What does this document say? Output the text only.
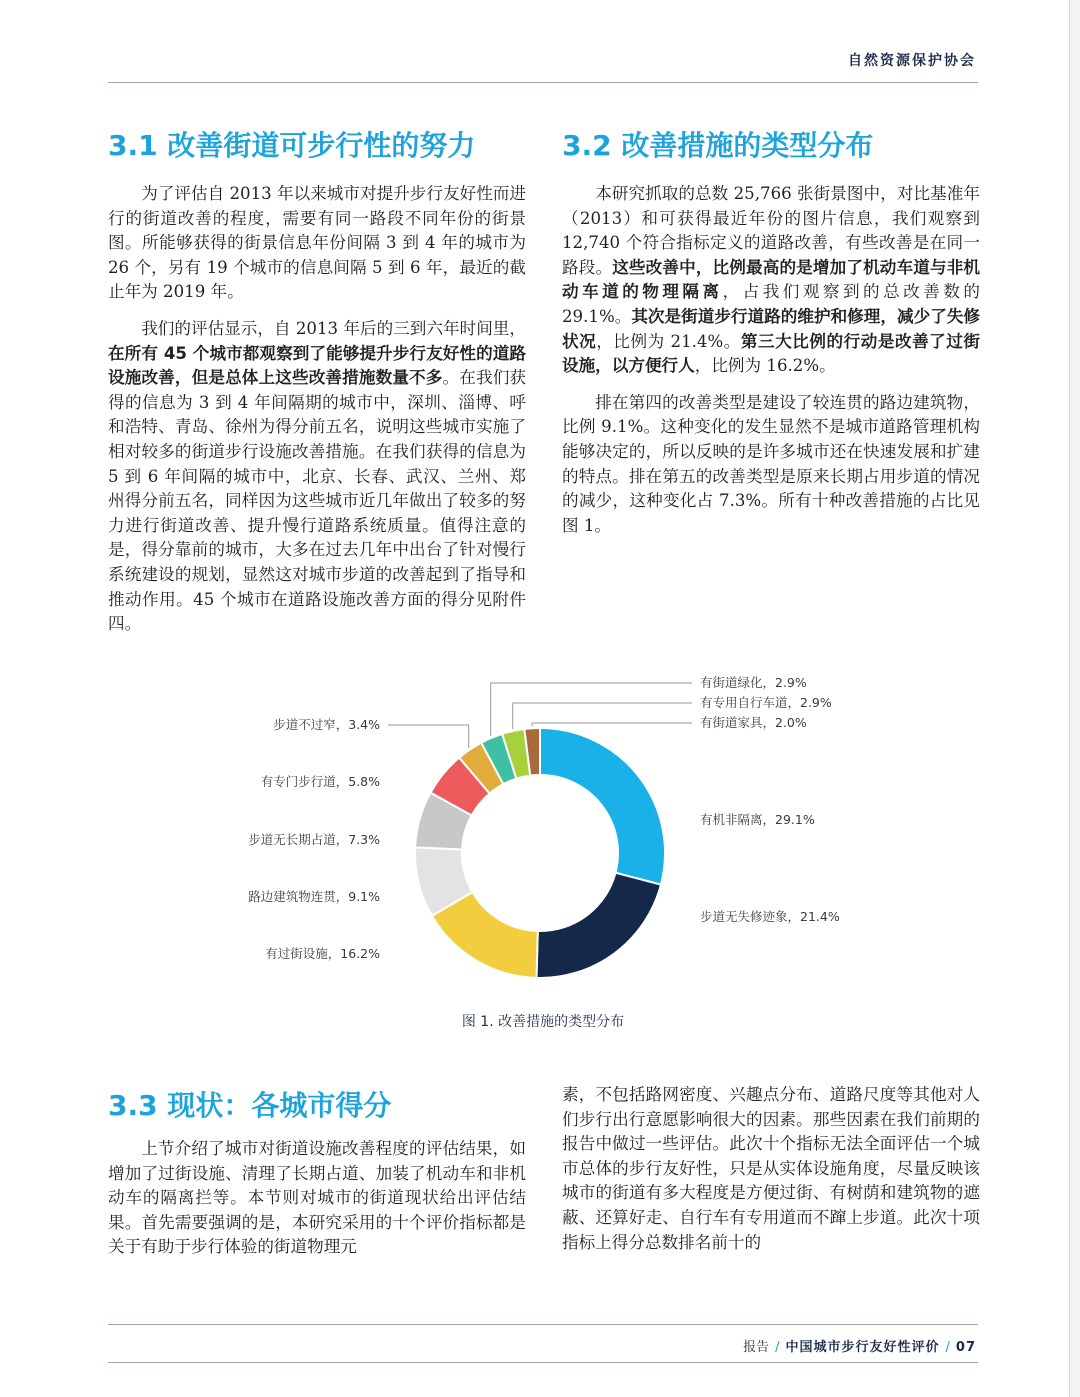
自然资源保护协会
3.1 改善街道可步行性的努力

为了评估自 2013 年以来城市对提升步行友好性而进行的街道改善的程度，需要有同一路段不同年份的街景图。所能够获得的街景信息年份间隔 3 到 4 年的城市为 26 个，另有 19 个城市的信息间隔 5 到 6 年，最近的截止年为 2019 年。

我们的评估显示，自 2013 年后的三到六年时间里，在所有 45 个城市都观察到了能够提升步行友好性的道路设施改善，但是总体上这些改善措施数量不多。在我们获得的信息为 3 到 4 年间隔期的城市中，深圳、淄博、呼和浩特、青岛、徐州为得分前五名，说明这些城市实施了相对较多的街道步行设施改善措施。在我们获得的信息为 5 到 6 年间隔的城市中，北京、长春、武汉、兰州、郑州得分前五名，同样因为这些城市近几年做出了较多的努力进行街道改善、提升慢行道路系统质量。值得注意的是，得分靠前的城市，大多在过去几年中出台了针对慢行系统建设的规划，显然这对城市步道的改善起到了指导和推动作用。45 个城市在道路设施改善方面的得分见附件四。

3.2 改善措施的类型分布

本研究抓取的总数 25,766 张街景图中，对比基准年（2013）和可获得最近年份的图片信息，我们观察到 12,740 个符合指标定义的道路改善，有些改善是在同一路段。这些改善中，比例最高的是增加了机动车道与非机动车道的物理隔离，占我们观察到的总改善数的 29.1%。其次是街道步行道路的维护和修理，减少了失修状况，比例为 21.4%。第三大比例的行动是改善了过街设施，以方便行人，比例为 16.2%。

排在第四的改善类型是建设了较连贯的路边建筑物，比例 9.1%。这种变化的发生显然不是城市道路管理机构能够决定的，所以反映的是许多城市还在快速发展和扩建的特点。排在第五的改善类型是原来长期占用步道的情况的减少，这种变化占 7.3%。所有十种改善措施的占比见图 1。

有机非隔离，29.1%
步道无失修迹象，21.4%
有过街设施，16.2%
路边建筑物连贯，9.1%
步道无长期占道，7.3%
有专门步行道，5.8%
步道不过窄，3.4%
有街道绿化，2.9%
有专用自行车道，2.9%
有街道家具，2.0%
图 1. 改善措施的类型分布
3.3 现状：各城市得分

上节介绍了城市对街道设施改善程度的评估结果，如增加了过街设施、清理了长期占道、加装了机动车和非机动车的隔离拦等。本节则对城市的街道现状给出评估结果。首先需要强调的是，本研究采用的十个评价指标都是关于有助于步行体验的街道物理元

素，不包括路网密度、兴趣点分布、道路尺度等其他对人们步行出行意愿影响很大的因素。那些因素在我们前期的报告中做过一些评估。此次十个指标无法全面评估一个城市总体的步行友好性，只是从实体设施角度，尽量反映该城市的街道有多大程度是方便过街、有树荫和建筑物的遮蔽、还算好走、自行车有专用道而不蹿上步道。此次十项指标上得分总数排名前十的

报告 / 中国城市步行友好性评价 / 07
